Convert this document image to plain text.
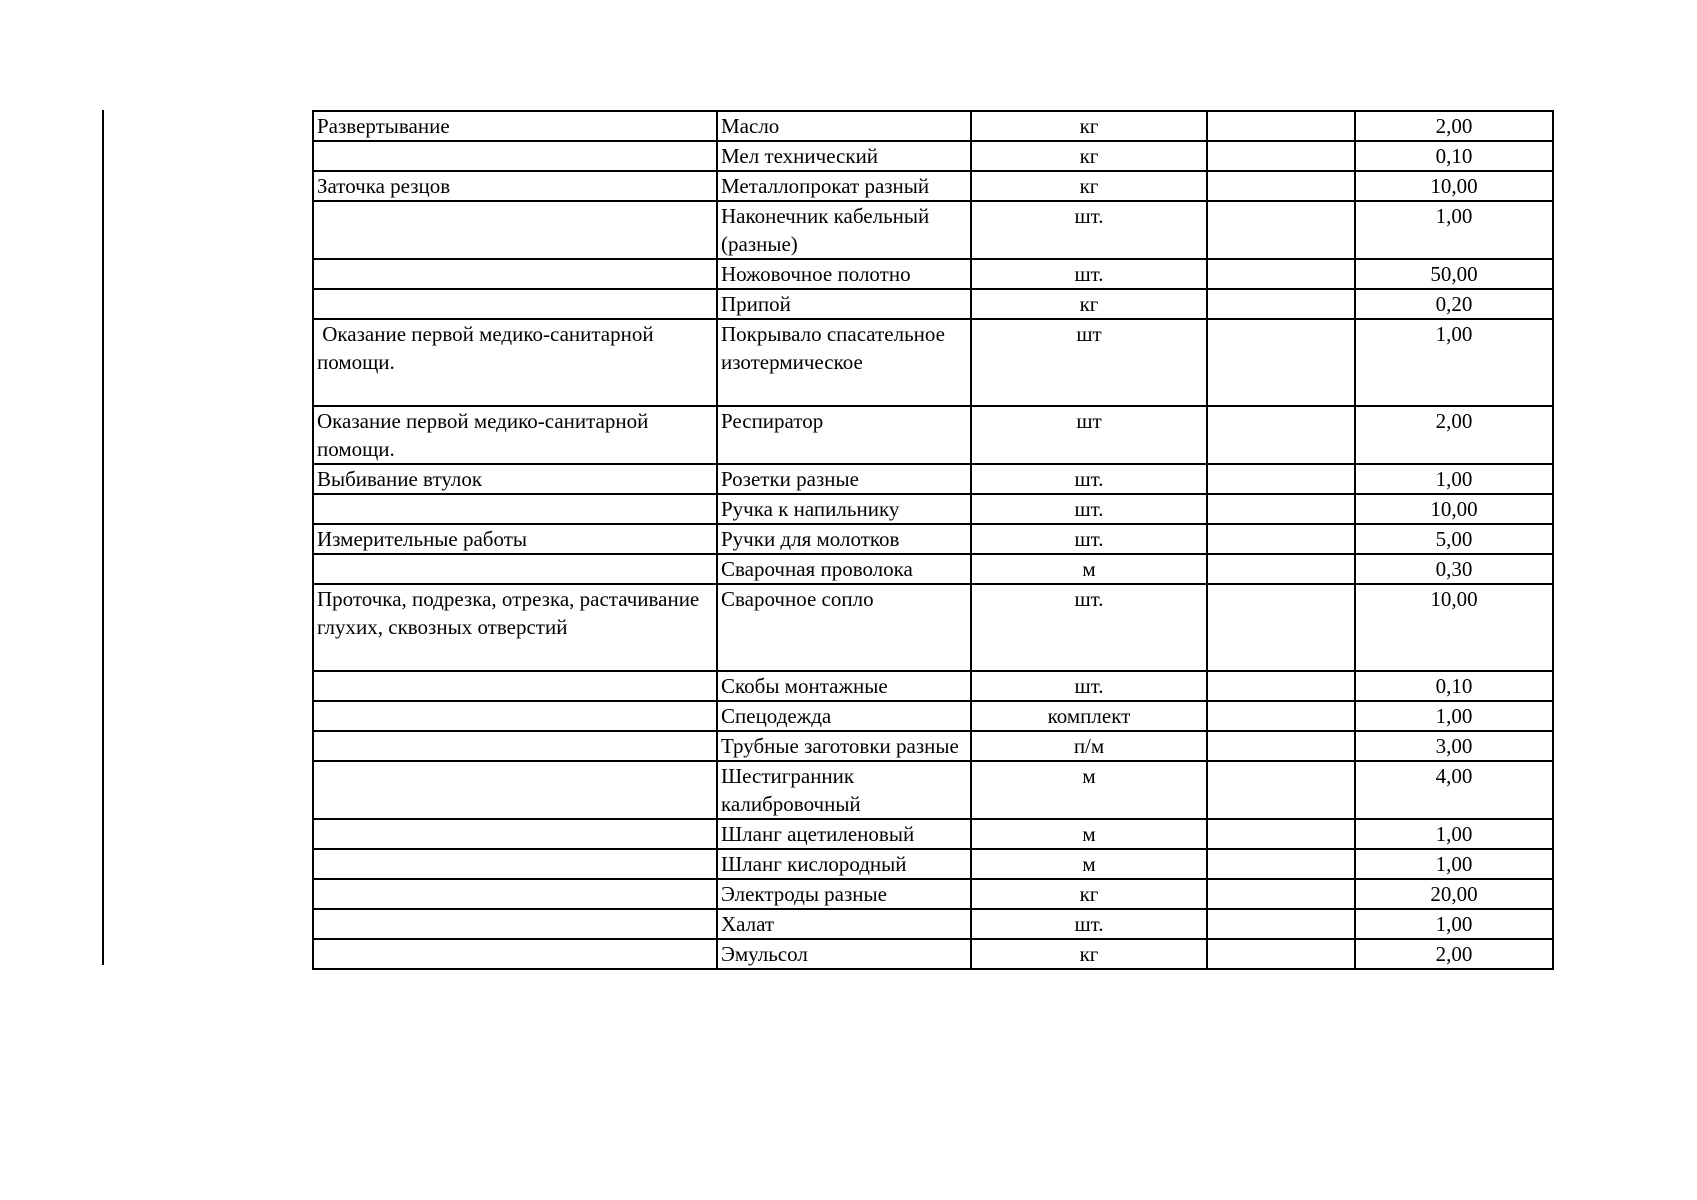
Развертывание	Масло	кг		2,00
	Мел технический	кг		0,10
Заточка резцов	Металлопрокат разный	кг		10,00
	Наконечник кабельный (разные)	шт.		1,00
	Ножовочное полотно	шт.		50,00
	Припой	кг		0,20
Оказание первой медико-санитарной помощи.	Покрывало спасательное изотермическое	шт		1,00
Оказание первой медико-санитарной помощи.	Респиратор	шт		2,00
Выбивание втулок	Розетки разные	шт.		1,00
	Ручка к напильнику	шт.		10,00
Измерительные работы	Ручки для молотков	шт.		5,00
	Сварочная проволока	м		0,30
Проточка, подрезка, отрезка, растачивание глухих, сквозных отверстий	Сварочное сопло	шт.		10,00
	Скобы монтажные	шт.		0,10
	Спецодежда	комплект		1,00
	Трубные заготовки разные	п/м		3,00
	Шестигранник калибровочный	м		4,00
	Шланг ацетиленовый	м		1,00
	Шланг кислородный	м		1,00
	Электроды разные	кг		20,00
	Халат	шт.		1,00
	Эмульсол	кг		2,00
